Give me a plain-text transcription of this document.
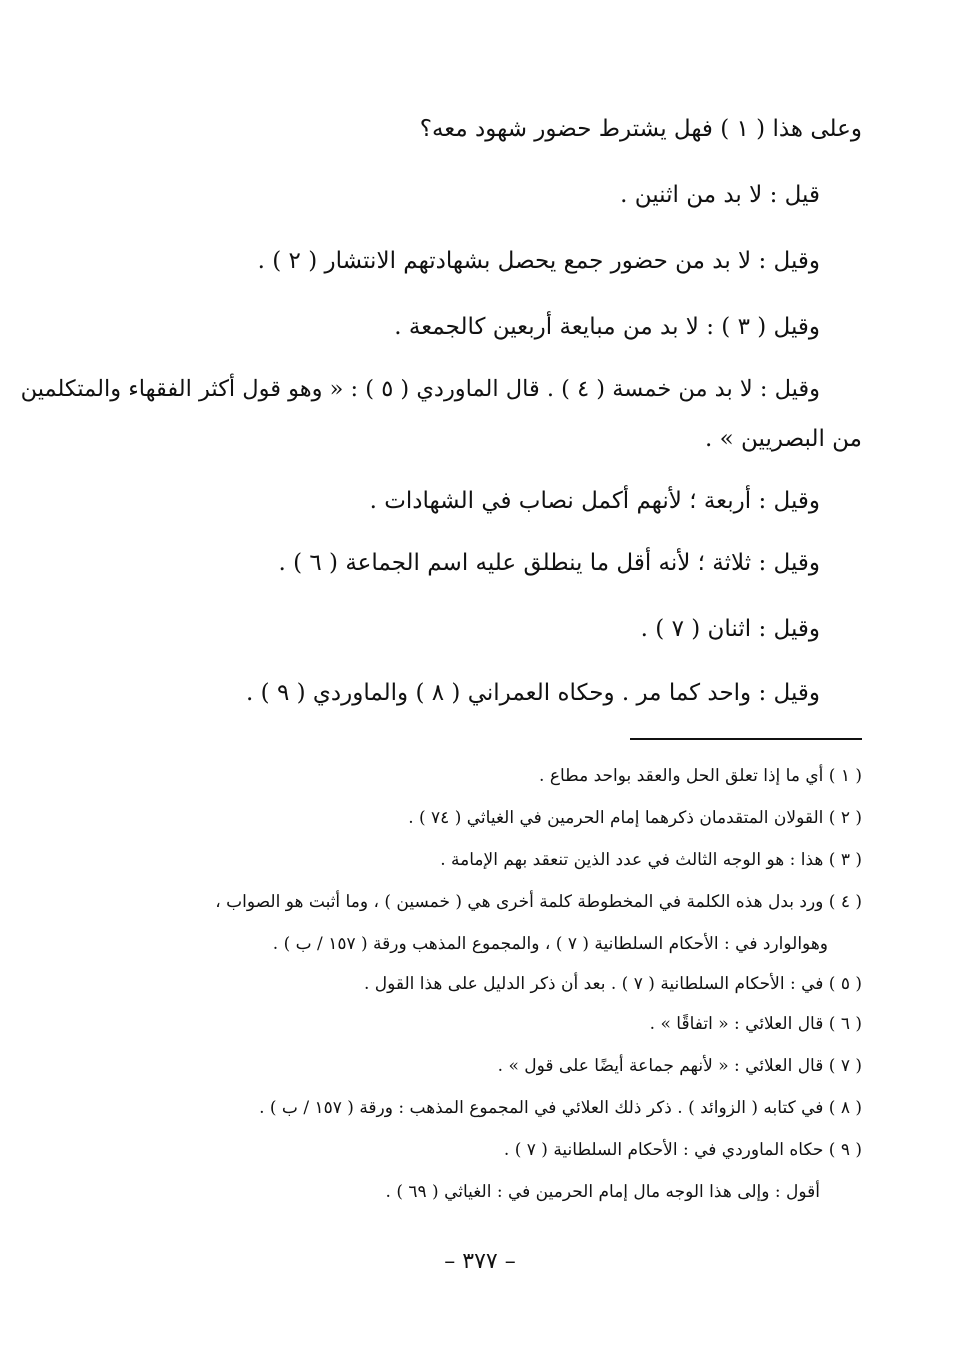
وعلى هذا ( ١ ) فهل يشترط حضور شهود معه؟
قيل : لا بد من اثنين .
وقيل : لا بد من حضور جمع يحصل بشهادتهم الانتشار ( ٢ ) .
وقيل ( ٣ ) : لا بد من مبايعة أربعين كالجمعة .
وقيل : لا بد من خمسة ( ٤ ) . قال الماوردي ( ٥ ) : « وهو قول أكثر الفقهاء والمتكلمين
من البصريين » .
وقيل : أربعة ؛ لأنهم أكمل نصاب في الشهادات .
وقيل : ثلاثة ؛ لأنه أقل ما ينطلق عليه اسم الجماعة ( ٦ ) .
وقيل : اثنان ( ٧ ) .
وقيل : واحد كما مر . وحكاه العمراني ( ٨ ) والماوردي ( ٩ ) .
( ١ ) أي ما إذا تعلق الحل والعقد بواحد مطاع .
( ٢ ) القولان المتقدمان ذكرهما إمام الحرمين في الغياثي ( ٧٤ ) .
( ٣ ) هذا : هو الوجه الثالث في عدد الذين تنعقد بهم الإمامة .
( ٤ ) ورد بدل هذه الكلمة في المخطوطة كلمة أخرى هي ( خمسين ) ، وما أثبت هو الصواب ،
وهوالوارد في : الأحكام السلطانية ( ٧ ) ، والمجموع المذهب ورقة ( ١٥٧ / ب ) .
( ٥ ) في : الأحكام السلطانية ( ٧ ) . بعد أن ذكر الدليل على هذا القول .
( ٦ ) قال العلائي : « اتفاقًا » .
( ٧ ) قال العلائي : « لأنهم جماعة أيضًا على قول » .
( ٨ ) في كتابه ( الزوائد ) . ذكر ذلك العلائي في المجموع المذهب : ورقة ( ١٥٧ / ب ) .
( ٩ ) حكاه الماوردي في : الأحكام السلطانية ( ٧ ) .
أقول : وإلى هذا الوجه مال إمام الحرمين في : الغياثي ( ٦٩ ) .
– ٣٧٧ –
